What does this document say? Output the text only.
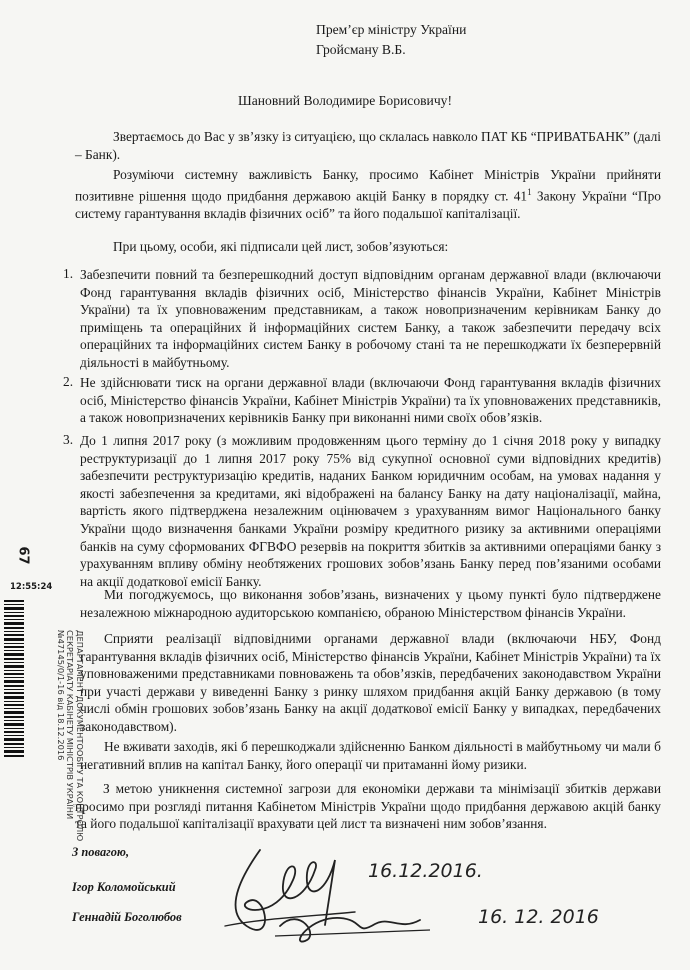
Прем’єр міністру України
Гройсману В.Б.
Шановний Володимире Борисовичу!
Звертаємось до Вас у зв’язку із ситуацією, що склалась навколо ПАТ КБ “ПРИВАТБАНК” (далі – Банк).
Розуміючи системну важливість Банку, просимо Кабінет Міністрів України прийняти позитивне рішення щодо придбання державою акцій Банку в порядку ст. $41^1$ Закону України “Про систему гарантування вкладів фізичних осіб” та його подальшої капіталізації.
При цьому, особи, які підписали цей лист, зобов’язуються:
1. Забезпечити повний та безперешкодний доступ відповідним органам державної влади (включаючи Фонд гарантування вкладів фізичних осіб, Міністерство фінансів України, Кабінет Міністрів України) та їх уповноваженим представникам, а також новопризначеним керівникам Банку до приміщень та операційних й інформаційних систем Банку, а також забезпечити передачу всіх операційних та інформаційних систем Банку в робочому стані та не перешкоджати їх безперервній діяльності в майбутньому.
2. Не здійснювати тиск на органи державної влади (включаючи Фонд гарантування вкладів фізичних осіб, Міністерство фінансів України, Кабінет Міністрів України) та їх уповноважених представників, а також новопризначених керівників Банку при виконанні ними своїх обов’язків.
3. До 1 липня 2017 року (з можливим продовженням цього терміну до 1 січня 2018 року у випадку реструктуризації до 1 липня 2017 року 75% від сукупної основної суми відповідних кредитів) забезпечити реструктуризацію кредитів, наданих Банком юридичним особам, на умовах надання у якості забезпечення за кредитами, які відображені на балансу Банку на дату націоналізації, майна, вартість якого підтверджена незалежним оцінювачем з урахуванням вимог Національного банку України щодо визначення банками України розміру кредитного ризику за активними операціями банків на суму сформованих ФГВФО резервів на покриття збитків за активними операціями банку з урахуванням впливу обміну необтяжених грошових зобов’язань Банку перед пов’язаними особами на акції додаткової емісії Банку.
Ми погоджуємось, що виконання зобов’язань, визначених у цьому пункті було підтверджене незалежною міжнародною аудиторською компанією, обраною Міністерством фінансів України.
Сприяти реалізації відповідними органами державної влади (включаючи НБУ, Фонд гарантування вкладів фізичних осіб, Міністерство фінансів України, Кабінет Міністрів України) та їх уповноваженими представниками повноважень та обов’язків, передбачених законодавством України при участі держави у виведенні Банку з ринку шляхом придбання акцій Банку державою (в тому числі обмін грошових зобов’язань Банку на акції додаткової емісії Банку у випадках, передбачених законодавством).
Не вживати заходів, які б перешкоджали здійсненню Банком діяльності в майбутньому чи мали б негативний вплив на капітал Банку, його операції чи притаманні йому ризики.
З метою уникнення системної загрози для економіки держави та мінімізації збитків держави просимо при розгляді питання Кабінетом Міністрів України щодо придбання державою акцій банку та його подальшої капіталізації врахувати цей лист та визначені ним зобов’язання.
З повагою,
Ігор Коломойський
Геннадій Боголюбов
16.12.2016.
16. 12. 2016
67
12:55:24
ДЕПАРТАМЕНТ ДОКУМЕНТООБІГУ ТА КОНТРОЛЮ
СЕКРЕТАРІАТУ КАБІНЕТУ МІНІСТРІВ УКРАЇНИ
№47145/0/1-16 від 18.12.2016
